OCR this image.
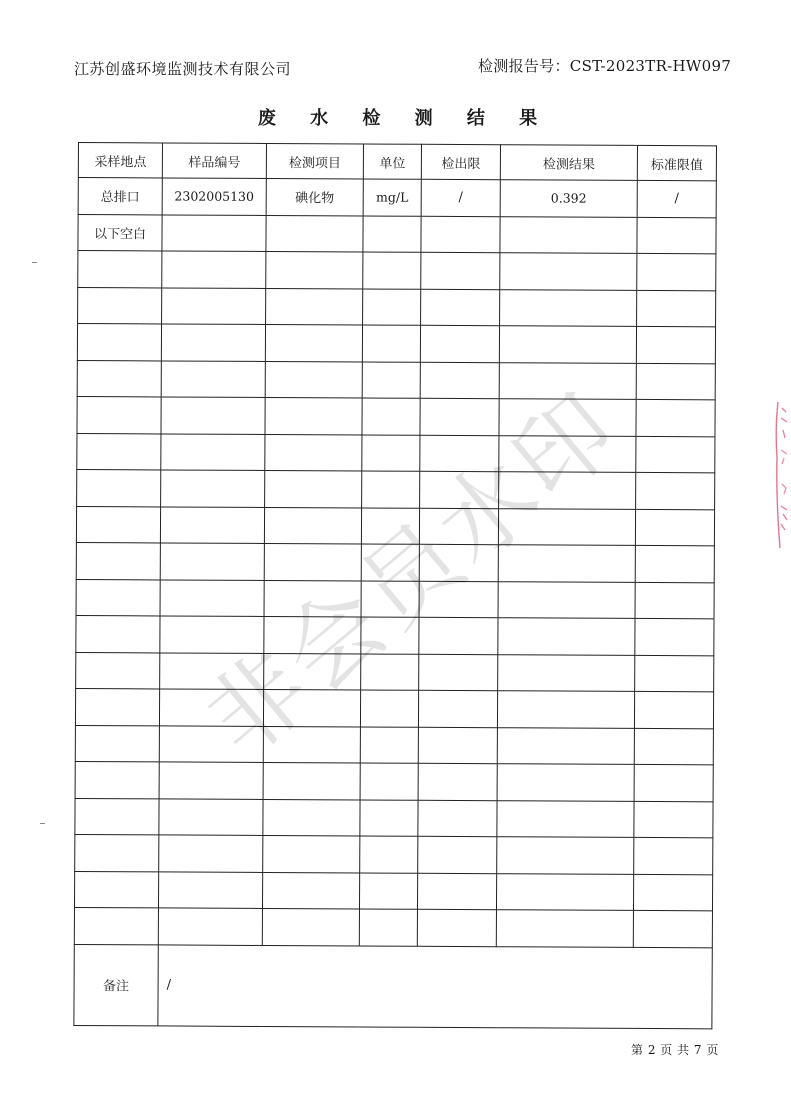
江苏创盛环境监测技术有限公司	检测报告号：CST-2023TR-HW097
废 水 检 测 结 果
采样地点	样品编号	检测项目	单位	检出限	检测结果	标准限值
总排口	2302005130	碘化物	mg/L	/	0.392	/
以下空白						

备注	/					
非会员水印
第 2 页 共 7 页
